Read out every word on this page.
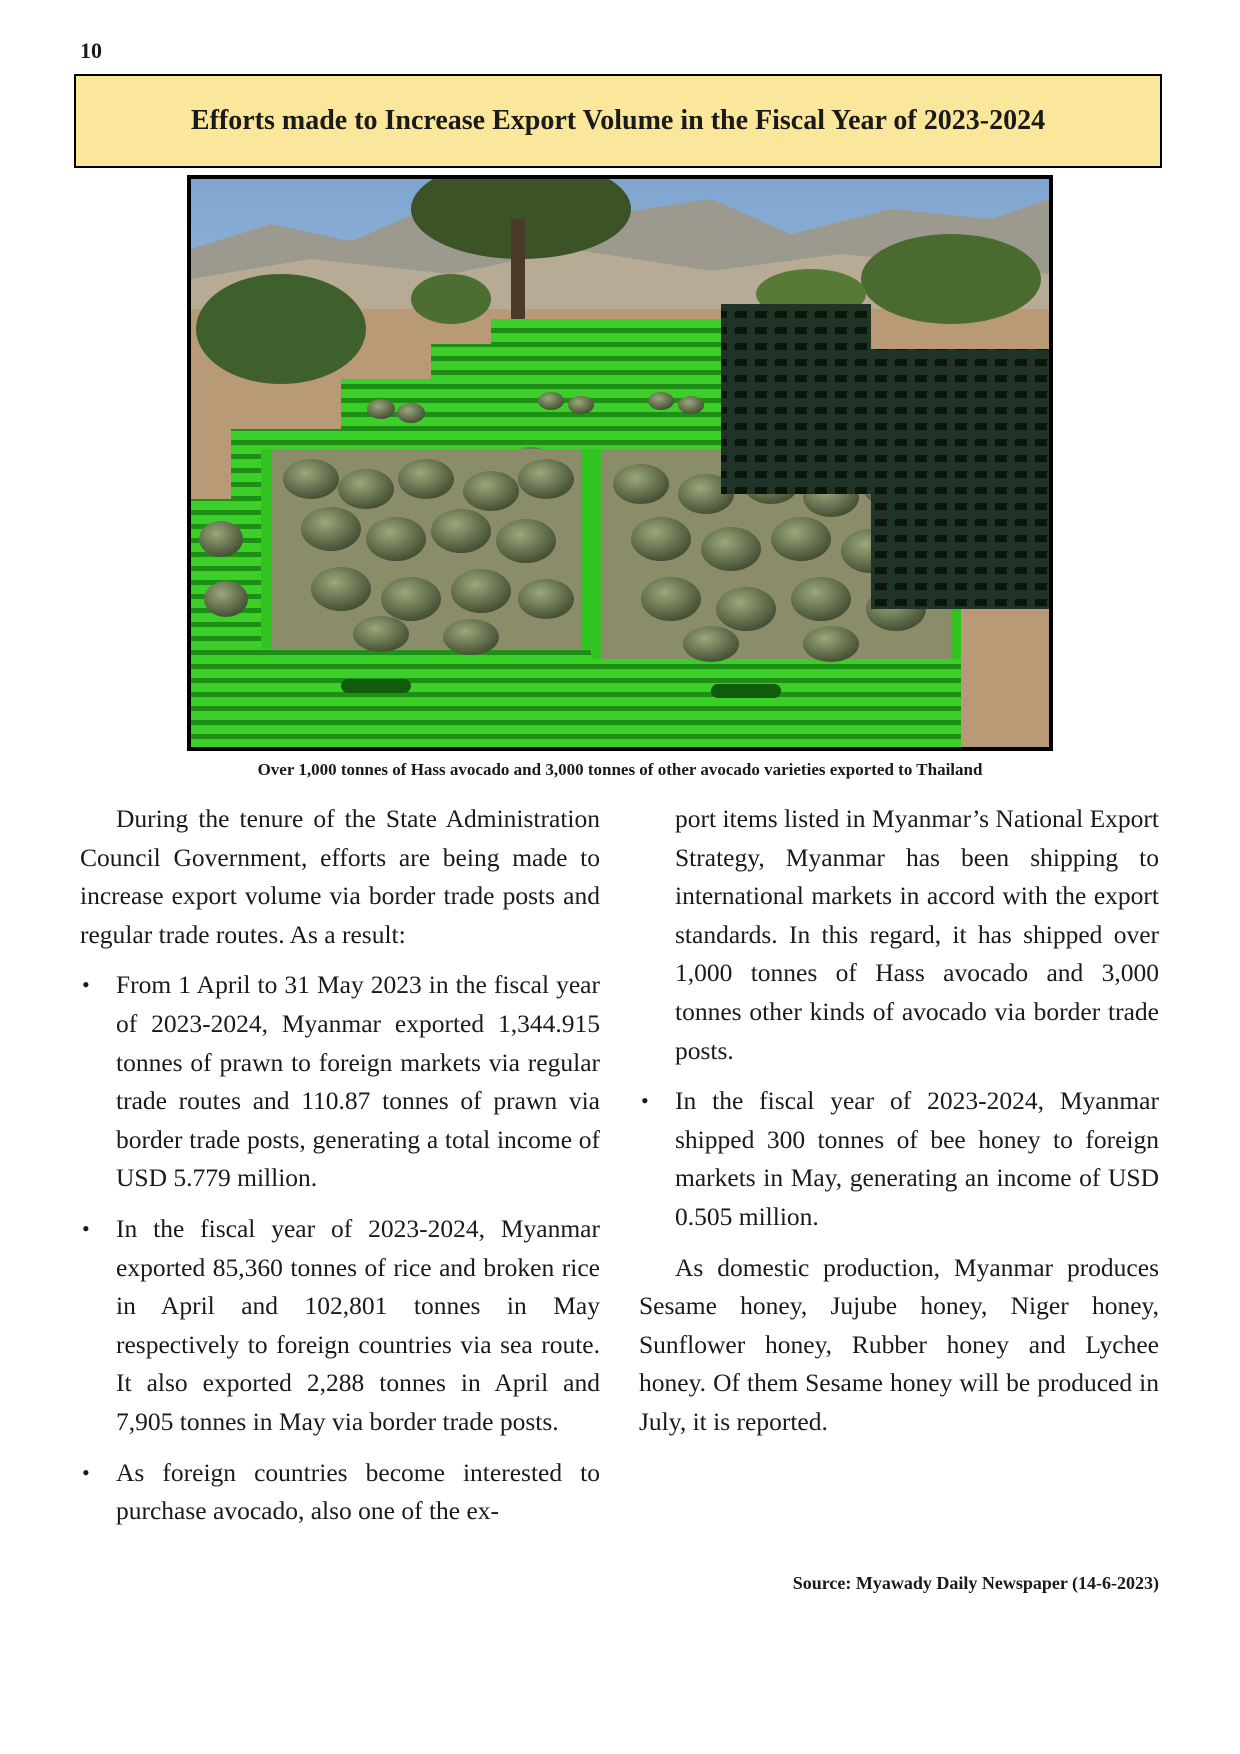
10
Efforts made to Increase Export Volume in the Fiscal Year of 2023-2024
Over 1,000 tonnes of Hass avocado and 3,000 tonnes of other avocado varieties exported to Thailand

During the tenure of the State Administration Council Government, efforts are being made to increase export volume via border trade posts and regular trade routes. As a result:

• From 1 April to 31 May 2023 in the fiscal year of 2023-2024, Myanmar exported 1,344.915 tonnes of prawn to foreign markets via regular trade routes and 110.87 tonnes of prawn via border trade posts, generating a total income of USD 5.779 million.
• In the fiscal year of 2023-2024, Myanmar exported 85,360 tonnes of rice and broken rice in April and 102,801 tonnes in May respectively to foreign countries via sea route. It also exported 2,288 tonnes in April and 7,905 tonnes in May via border trade posts.
• As foreign countries become interested to purchase avocado, also one of the ex-

port items listed in Myanmar’s National Export Strategy, Myanmar has been shipping to international markets in accord with the export standards. In this regard, it has shipped over 1,000 tonnes of Hass avocado and 3,000 tonnes other kinds of avocado via border trade posts.

• In the fiscal year of 2023-2024, Myanmar shipped 300 tonnes of bee honey to foreign markets in May, generating an income of USD 0.505 million.

As domestic production, Myanmar produces Sesame honey, Jujube honey, Niger honey, Sunflower honey, Rubber honey and Lychee honey. Of them Sesame honey will be produced in July, it is reported.

Source: Myawady Daily Newspaper (14-6-2023)
